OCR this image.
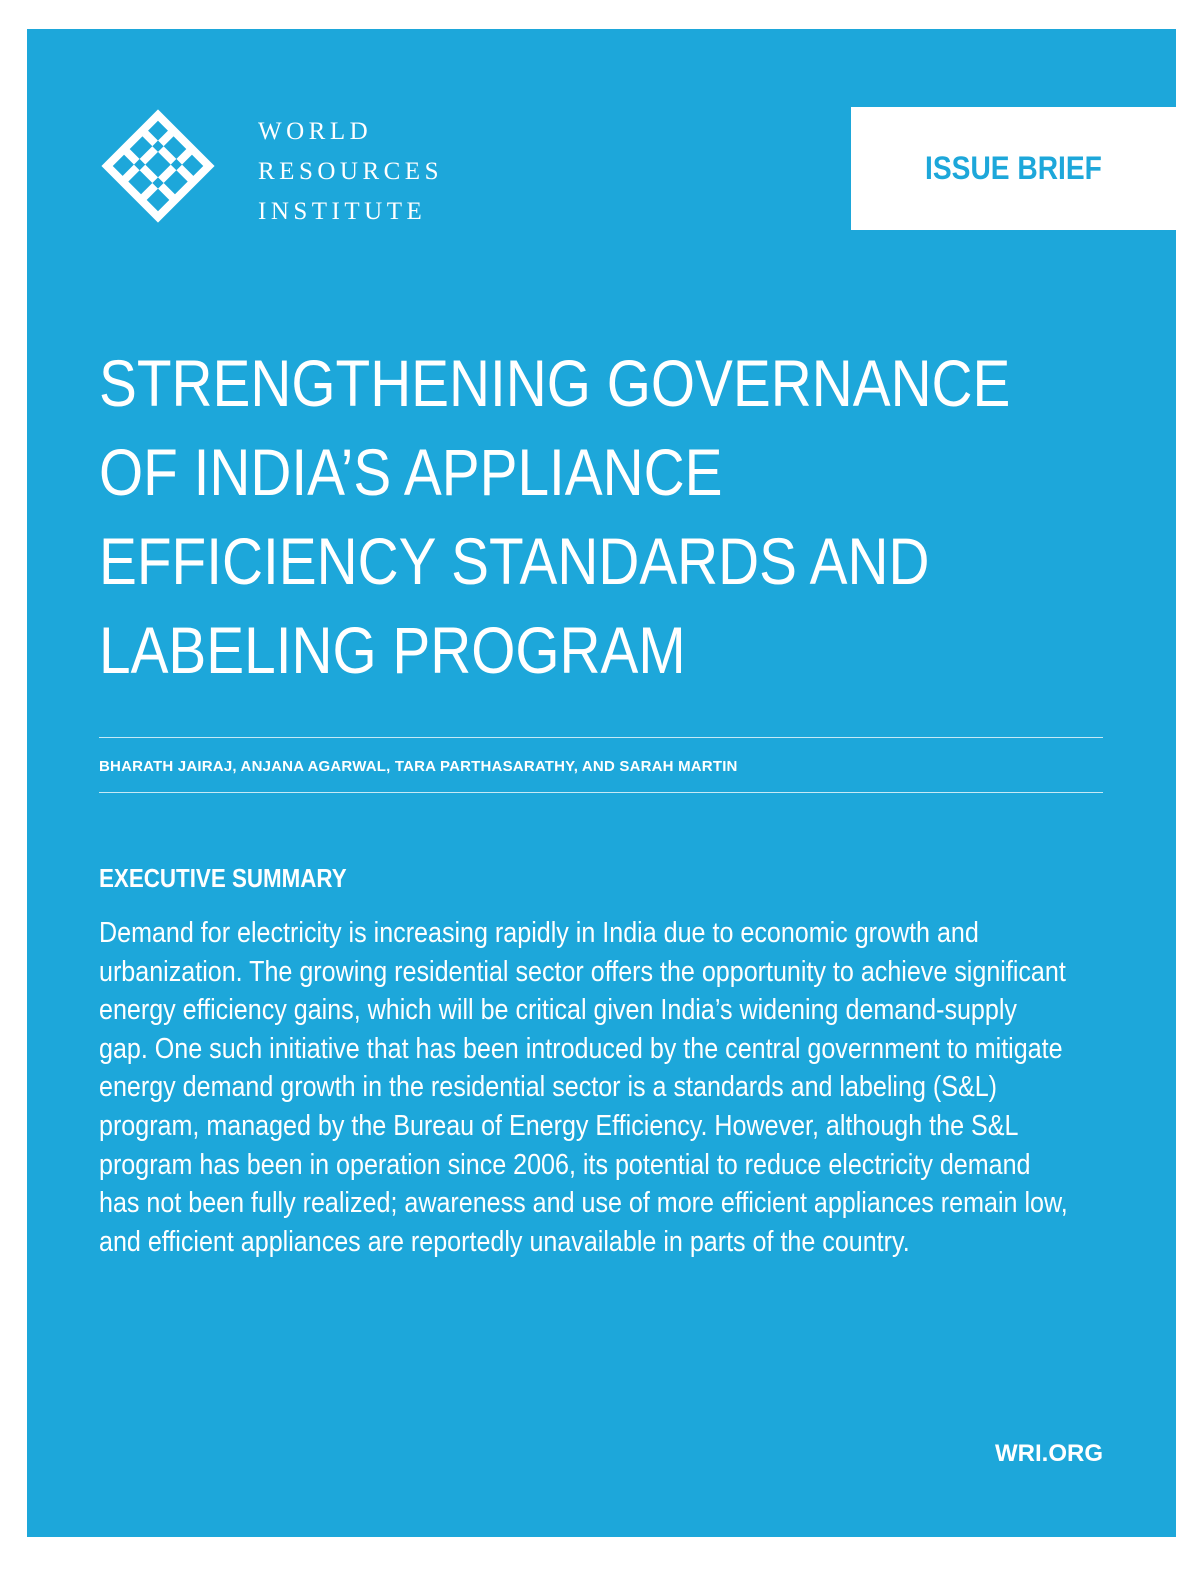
WORLD
RESOURCES
INSTITUTE
ISSUE BRIEF
STRENGTHENING GOVERNANCE
OF INDIA’S APPLIANCE
EFFICIENCY STANDARDS AND
LABELING PROGRAM
BHARATH JAIRAJ, ANJANA AGARWAL, TARA PARTHASARATHY, AND SARAH MARTIN
EXECUTIVE SUMMARY

Demand for electricity is increasing rapidly in India due to economic growth and urbanization. The growing residential sector offers the opportunity to achieve significant energy efficiency gains, which will be critical given India’s widening demand-supply gap. One such initiative that has been introduced by the central government to mitigate energy demand growth in the residential sector is a standards and labeling (S&L) program, managed by the Bureau of Energy Efficiency. However, although the S&L program has been in operation since 2006, its potential to reduce electricity demand has not been fully realized; awareness and use of more efficient appliances remain low, and efficient appliances are reportedly unavailable in parts of the country.

WRI.ORG
